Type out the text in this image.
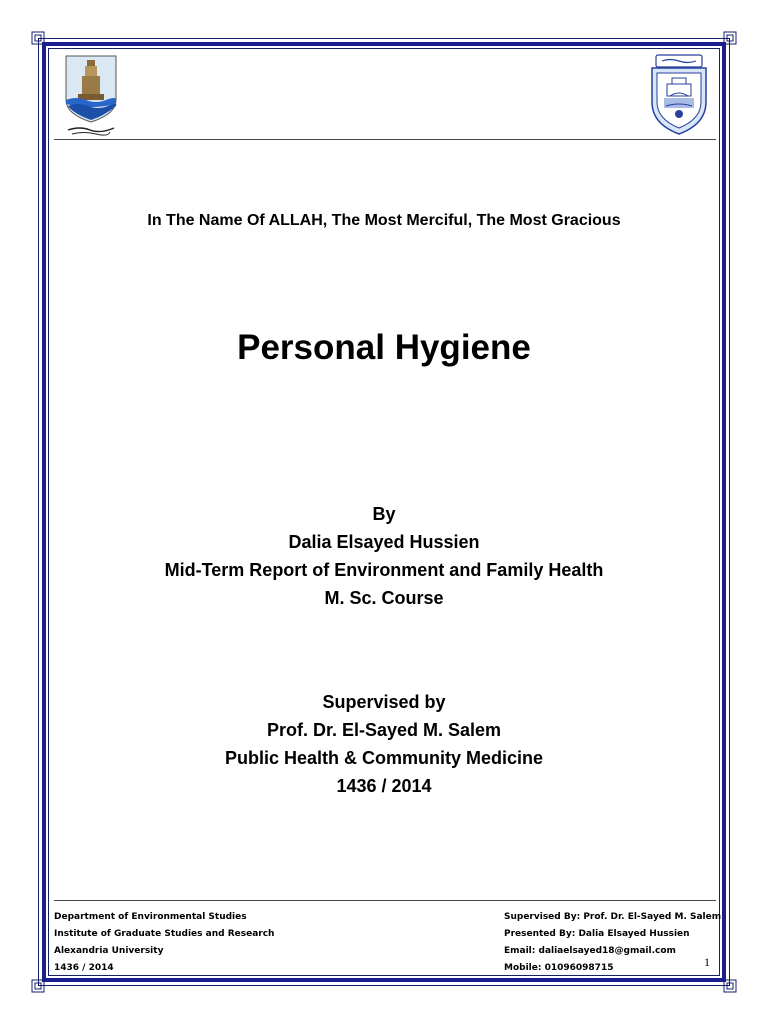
In The Name Of ALLAH, The Most Merciful, The Most Gracious
Personal Hygiene
By
Dalia Elsayed Hussien
Mid-Term Report of Environment and Family Health
M. Sc. Course
Supervised by
Prof. Dr. El-Sayed M. Salem
Public Health & Community Medicine
1436 / 2014
Department of Environmental Studies
Institute of Graduate Studies and Research
Alexandria University
1436 / 2014
Supervised By: Prof. Dr. El-Sayed M. Salem
Presented By: Dalia Elsayed Hussien
Email: daliaelsayed18@gmail.com
Mobile: 01096098715	1
